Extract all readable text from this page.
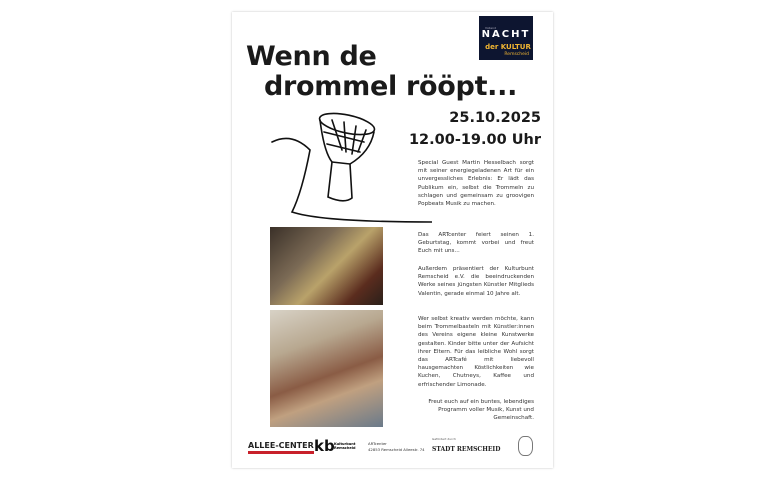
Wenn de
drommel rööpt...
Vollend
NACHT
der KULTUR
Remscheid
25.10.2025
12.00-19.00 Uhr
Special Guest Martin Hesselbach sorgt mit seiner energiegeladenen Art für ein unvergessliches Erlebnis: Er lädt das Publikum ein, selbst die Trommeln zu schlagen und gemeinsam zu groovigen Popbeats Musik zu machen.
Das ARTcenter feiert seinen 1. Geburtstag, kommt vorbei und freut Euch mit uns...
Außerdem präsentiert der Kulturbunt Remscheid e.V. die beeindruckenden Werke seines jüngsten Künstler Mitglieds Valentin, gerade einmal 10 Jahre alt.
Wer selbst kreativ werden möchte, kann beim Trommelbasteln mit Künstler:innen des Vereins eigene kleine Kunstwerke gestalten. Kinder bitte unter der Aufsicht ihrer Eltern. Für das leibliche Wohl sorgt das ARTcafé mit liebevoll hausgemachten Köstlichkeiten wie Kuchen, Chutneys, Kaffee und erfrischender Limonade.
Freut euch auf ein buntes, lebendiges Programm voller Musik, Kunst und Gemeinschaft.
ALLEE-CENTER kb Kulturbunt Remscheid
ARTcenter
42853 Remscheid Alleestr. 74
Gefördert durch
STADT REMSCHEID
